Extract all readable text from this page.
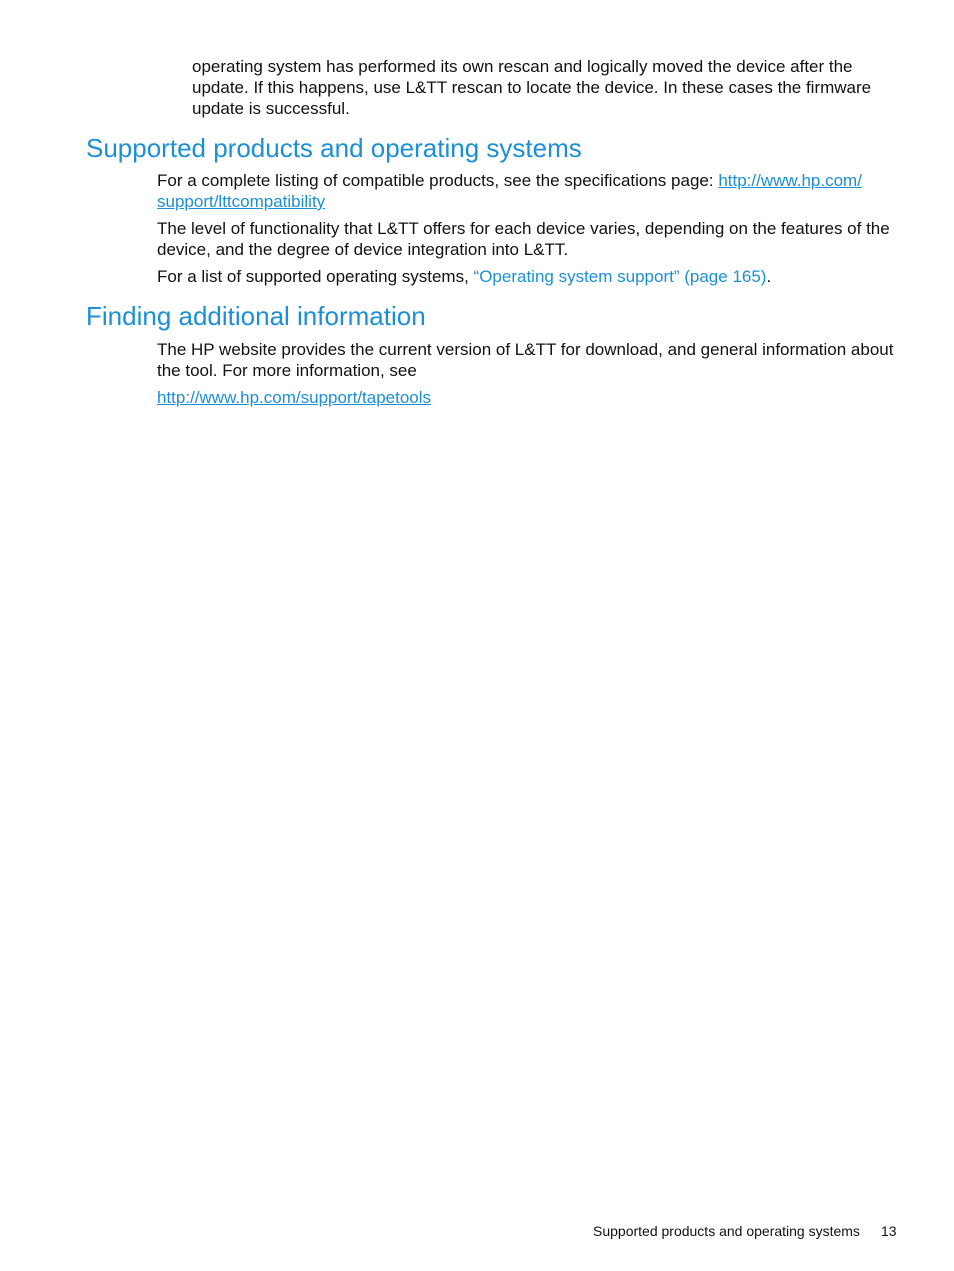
operating system has performed its own rescan and logically moved the device after the update. If this happens, use L&TT rescan to locate the device. In these cases the firmware update is successful.

Supported products and operating systems

For a complete listing of compatible products, see the specifications page: http://www.hp.com/
support/lttcompatibility

The level of functionality that L&TT offers for each device varies, depending on the features of the device, and the degree of device integration into L&TT.

For a list of supported operating systems, “Operating system support” (page 165).

Finding additional information

The HP website provides the current version of L&TT for download, and general information about the tool. For more information, see

http://www.hp.com/support/tapetools

Supported products and operating systems 13
